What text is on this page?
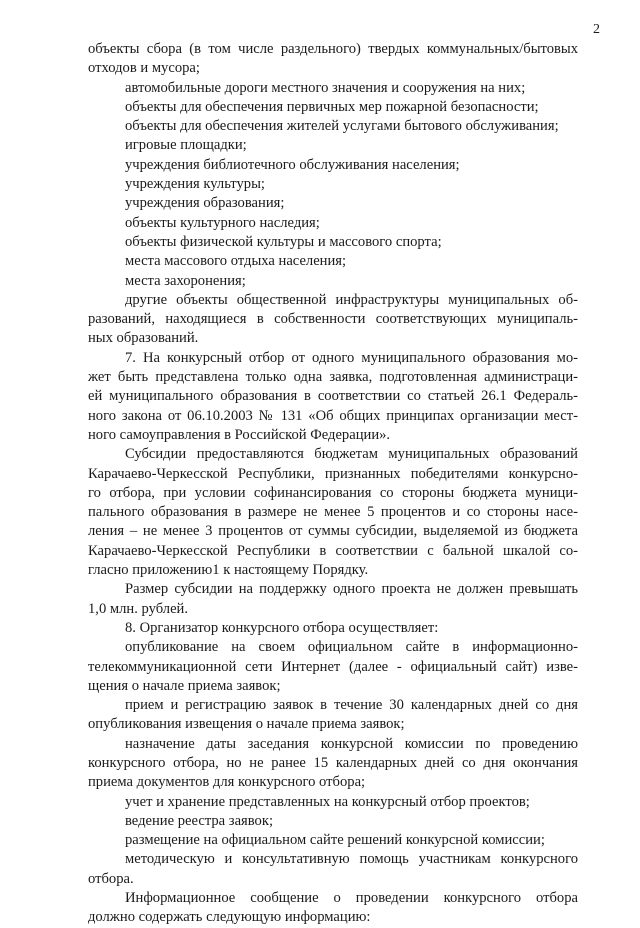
2
объекты сбора (в том числе раздельного) твердых коммунальных/бытовых
отходов и мусора;
автомобильные дороги местного значения и сооружения на них;
объекты для обеспечения первичных мер пожарной безопасности;
объекты для обеспечения жителей услугами бытового обслуживания;
игровые площадки;
учреждения библиотечного обслуживания населения;
учреждения культуры;
учреждения образования;
объекты культурного наследия;
объекты физической культуры и массового спорта;
места массового отдыха населения;
места захоронения;
другие объекты общественной инфраструктуры муниципальных об-
разований, находящиеся в собственности соответствующих муниципаль-
ных образований.
7. На конкурсный отбор от одного муниципального образования мо-
жет быть представлена только одна заявка, подготовленная администраци-
ей муниципального образования в соответствии со статьей 26.1 Федераль-
ного закона от 06.10.2003 № 131 «Об общих принципах организации мест-
ного самоуправления в Российской Федерации».
Субсидии предоставляются бюджетам муниципальных образований
Карачаево-Черкесской Республики, признанных победителями конкурсно-
го отбора, при условии софинансирования со стороны бюджета муници-
пального образования в размере не менее 5 процентов и со стороны насе-
ления – не менее 3 процентов от суммы субсидии, выделяемой из бюджета
Карачаево-Черкесской Республики в соответствии с бальной шкалой со-
гласно приложению1 к настоящему Порядку.
Размер субсидии на поддержку одного проекта не должен превышать
1,0 млн. рублей.
8. Организатор конкурсного отбора осуществляет:
опубликование на своем официальном сайте в информационно-
телекоммуникационной сети Интернет (далее - официальный сайт) изве-
щения о начале приема заявок;
прием и регистрацию заявок в течение 30 календарных дней со дня
опубликования извещения о начале приема заявок;
назначение даты заседания конкурсной комиссии по проведению
конкурсного отбора, но не ранее 15 календарных дней со дня окончания
приема документов для конкурсного отбора;
учет и хранение представленных на конкурсный отбор проектов;
ведение реестра заявок;
размещение на официальном сайте решений конкурсной комиссии;
методическую и консультативную помощь участникам конкурсного
отбора.
Информационное сообщение о проведении конкурсного отбора
должно содержать следующую информацию:
